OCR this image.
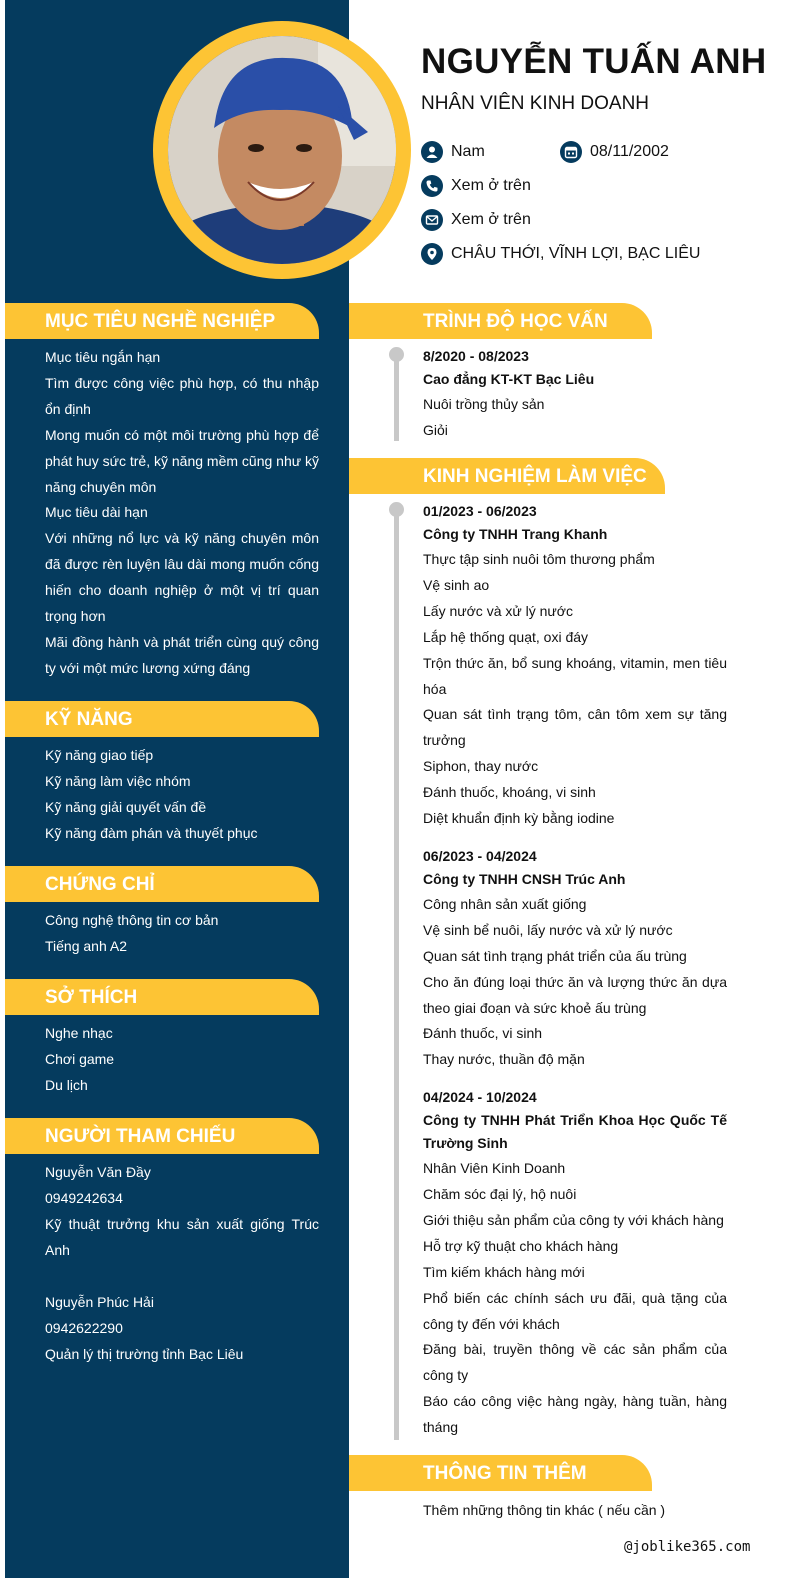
NGUYỄN TUẤN ANH
NHÂN VIÊN KINH DOANH
Nam	08/11/2002
Xem ở trên
Xem ở trên
CHÂU THỚI, VĨNH LỢI, BẠC LIÊU
MỤC TIÊU NGHỀ NGHIỆP
Mục tiêu ngắn hạn
Tìm được công việc phù hợp, có thu nhập ổn định
Mong muốn có một môi trường phù hợp để phát huy sức trẻ, kỹ năng mềm cũng như kỹ năng chuyên môn
Mục tiêu dài hạn
Với những nổ lực và kỹ năng chuyên môn đã được rèn luyện lâu dài mong muốn cống hiến cho doanh nghiệp ở một vị trí quan trọng hơn
Mãi đồng hành và phát triển cùng quý công ty với một mức lương xứng đáng
KỸ NĂNG
Kỹ năng giao tiếp
Kỹ năng làm việc nhóm
Kỹ năng giải quyết vấn đề
Kỹ năng đàm phán và thuyết phục
CHỨNG CHỈ
Công nghệ thông tin cơ bản
Tiếng anh A2
SỞ THÍCH
Nghe nhạc
Chơi game
Du lịch
NGƯỜI THAM CHIẾU
Nguyễn Văn Đầy
0949242634
Kỹ thuật trưởng khu sản xuất giống Trúc Anh
Nguyễn Phúc Hải
0942622290
Quản lý thị trường tỉnh Bạc Liêu
TRÌNH ĐỘ HỌC VẤN
8/2020 - 08/2023
Cao đẳng KT-KT Bạc Liêu
Nuôi trồng thủy sản
Giỏi
KINH NGHIỆM LÀM VIỆC
01/2023 - 06/2023
Công ty TNHH Trang Khanh
Thực tập sinh nuôi tôm thương phẩm
Vệ sinh ao
Lấy nước và xử lý nước
Lắp hệ thống quạt, oxi đáy
Trộn thức ăn, bổ sung khoáng, vitamin, men tiêu hóa
Quan sát tình trạng tôm, cân tôm xem sự tăng trưởng
Siphon, thay nước
Đánh thuốc, khoáng, vi sinh
Diệt khuẩn định kỳ bằng iodine
06/2023 - 04/2024
Công ty TNHH CNSH Trúc Anh
Công nhân sản xuất giống
Vệ sinh bể nuôi, lấy nước và xử lý nước
Quan sát tình trạng phát triển của ấu trùng
Cho ăn đúng loại thức ăn và lượng thức ăn dựa theo giai đoạn và sức khoẻ ấu trùng
Đánh thuốc, vi sinh
Thay nước, thuần độ mặn
04/2024 - 10/2024
Công ty TNHH Phát Triển Khoa Học Quốc Tế Trường Sinh
Nhân Viên Kinh Doanh
Chăm sóc đại lý, hộ nuôi
Giới thiệu sản phẩm của công ty với khách hàng
Hỗ trợ kỹ thuật cho khách hàng
Tìm kiếm khách hàng mới
Phổ biến các chính sách ưu đãi, quà tặng của công ty đến với khách
Đăng bài, truyền thông về các sản phẩm của công ty
Báo cáo công việc hàng ngày, hàng tuần, hàng tháng
THÔNG TIN THÊM
Thêm những thông tin khác ( nếu cần )
@joblike365.com
